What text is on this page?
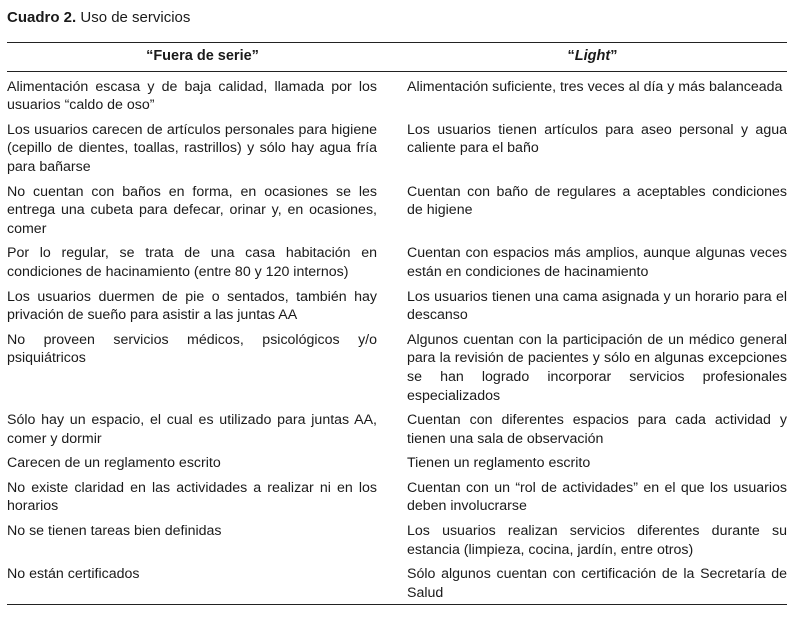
Cuadro 2. Uso de servicios
“Fuera de serie”	“Light”
Alimentación escasa y de baja calidad, llamada por los usuarios “caldo de oso”	Alimentación suficiente, tres veces al día y más balanceada
Los usuarios carecen de artículos personales para higiene (cepillo de dientes, toallas, rastrillos) y sólo hay agua fría para bañarse	Los usuarios tienen artículos para aseo personal y agua caliente para el baño
No cuentan con baños en forma, en ocasiones se les entrega una cubeta para defecar, orinar y, en ocasiones, comer	Cuentan con baño de regulares a aceptables condiciones de higiene
Por lo regular, se trata de una casa habitación en condiciones de hacinamiento (entre 80 y 120 internos)	Cuentan con espacios más amplios, aunque algunas veces están en condiciones de hacinamiento
Los usuarios duermen de pie o sentados, también hay privación de sueño para asistir a las juntas AA	Los usuarios tienen una cama asignada y un horario para el descanso
No proveen servicios médicos, psicológicos y/o psiquiátricos	Algunos cuentan con la participación de un médico general para la revisión de pacientes y sólo en algunas excepciones se han logrado incorporar servicios profesionales especializados
Sólo hay un espacio, el cual es utilizado para juntas AA, comer y dormir	Cuentan con diferentes espacios para cada actividad y tienen una sala de observación
Carecen de un reglamento escrito	Tienen un reglamento escrito
No existe claridad en las actividades a realizar ni en los horarios	Cuentan con un “rol de actividades” en el que los usuarios deben involucrarse
No se tienen tareas bien definidas	Los usuarios realizan servicios diferentes durante su estancia (limpieza, cocina, jardín, entre otros)
No están certificados	Sólo algunos cuentan con certificación de la Secretaría de Salud
